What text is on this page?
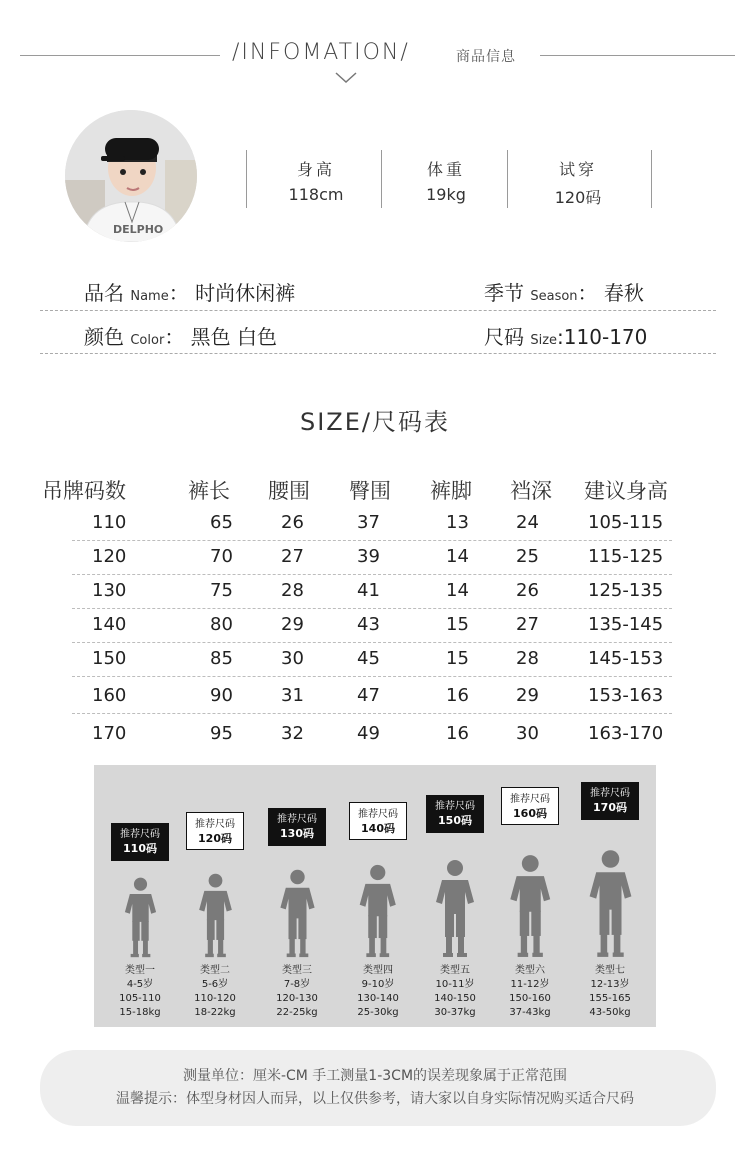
/INFOMATION/	商品信息
DELPHO
身高
118cm
体重
19kg
试穿
120码
品名 Name： 时尚休闲裤	季节 Season： 春秋
颜色 Color： 黑色 白色	尺码 Size:110-170
SIZE/尺码表
吊牌码数	裤长 腰围 臀围 裤脚 裆深 建议身高
110	65	26	37	13	24	105-115
120	70	27	39	14	25	115-125
130	75	28	41	14	26	125-135
140	80	29	43	15	27	135-145
150	85	30	45	15	28	145-153
160	90	31	47	16	29	153-163
170	95	32	49	16	30	163-170
推荐尺码
110码
类型一
4-5岁
105-110
15-18kg
推荐尺码
120码
类型二
5-6岁
110-120
18-22kg
推荐尺码
130码
类型三
7-8岁
120-130
22-25kg
推荐尺码
140码
类型四
9-10岁
130-140
25-30kg
推荐尺码
150码
类型五
10-11岁
140-150
30-37kg
推荐尺码
160码
类型六
11-12岁
150-160
37-43kg
推荐尺码
170码
类型七
12-13岁
155-165
43-50kg
测量单位：厘米-CM 手工测量1-3CM的误差现象属于正常范围
温馨提示：体型身材因人而异，以上仅供参考，请大家以自身实际情况购买适合尺码
